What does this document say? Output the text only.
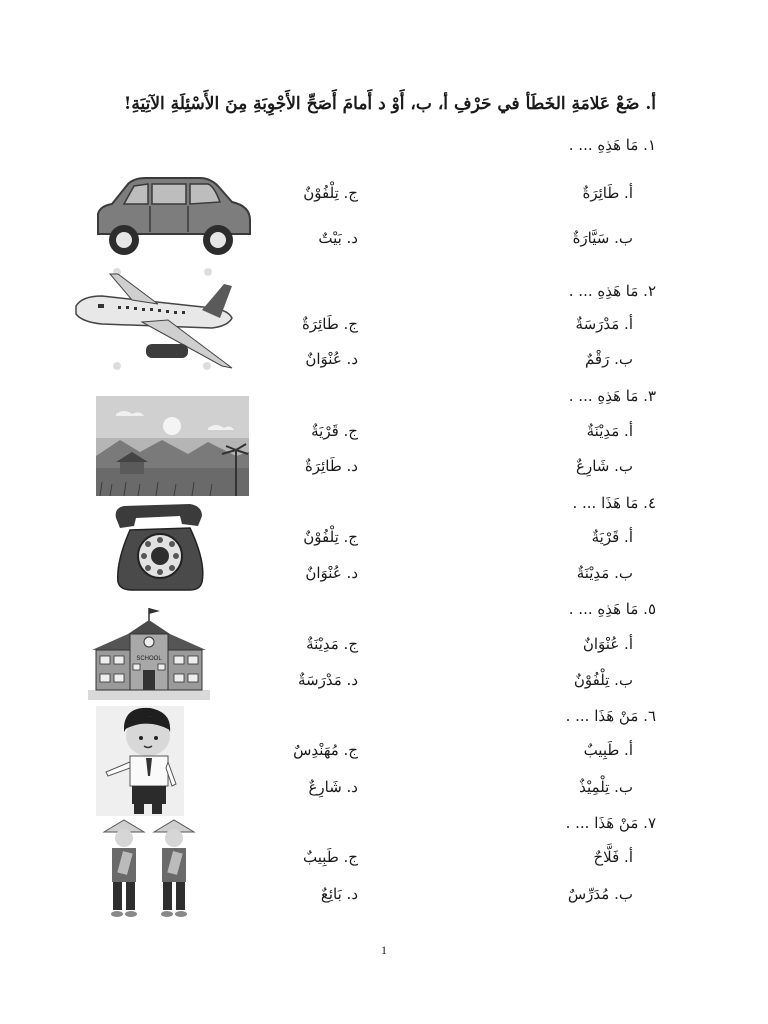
أ. ضَعْ عَلامَةِ الخَطَأ في حَرْفِ أ، ب، أَوْ د أَمامَ أَصَحِّ الأَجْوِبَةِ مِنَ الأَسْئِلَةِ الآتِيَةِ!
١. مَا هَذِهِ ... .
أ. طَائِرَةٌ
ب. سَيَّارَةٌ
ج. تِلْفُوْنٌ
د. بَيْتٌ
٢. مَا هَذِهِ ... .
أ. مَدْرَسَةٌ
ب. رَقْمٌ
ج. طَائِرَةٌ
د. عُنْوَانٌ
٣. مَا هَذِهِ ... .
أ. مَدِيْنَةٌ
ب. شَارِعٌ
ج. قَرْيَةٌ
د. طَائِرَةٌ
٤. مَا هَذَا ... .
أ. قَرْيَةٌ
ب. مَدِيْنَةٌ
ج. تِلْفُوْنٌ
د. عُنْوَانٌ
٥. مَا هَذِهِ ... .
أ. عُنْوَانٌ
ب. تِلْفُوْنٌ
ج. مَدِيْنَةٌ
د. مَدْرَسَةٌ
٦. مَنْ هَذَا ... .
أ. طَبِيبٌ
ب. تِلْمِيْذٌ
ج. مُهَنْدِسٌ
د. شَارِعٌ
٧. مَنْ هَذَا ... .
أ. فَلَّاحٌ
ب. مُدَرِّسٌ
ج. طَبِيبٌ
د. بَائِعٌ
SCHOOL
1
